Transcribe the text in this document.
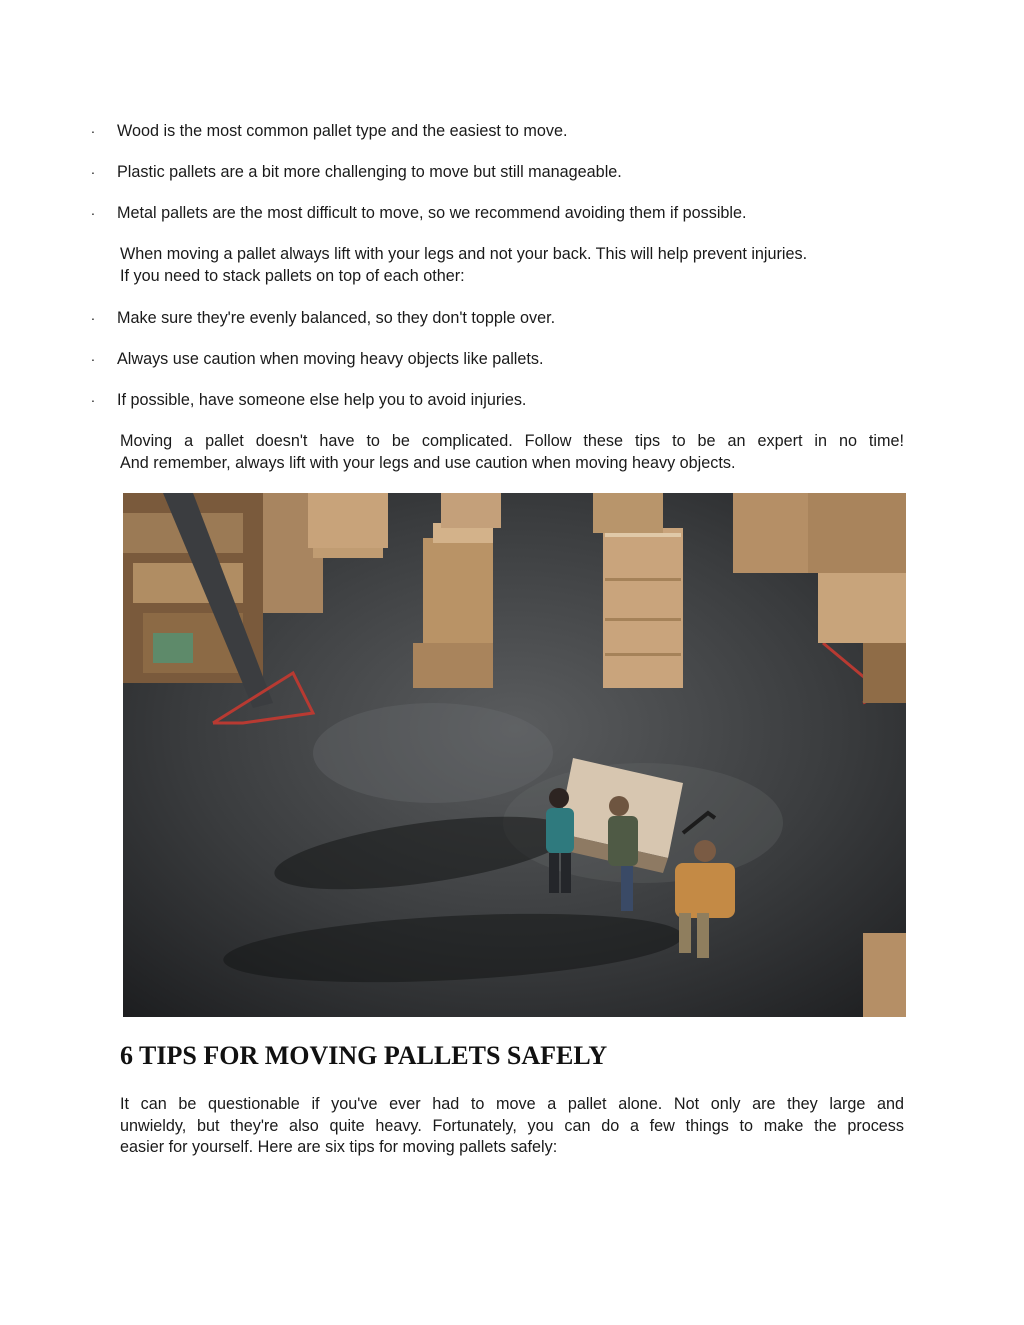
· Wood is the most common pallet type and the easiest to move.
· Plastic pallets are a bit more challenging to move but still manageable.
· Metal pallets are the most difficult to move, so we recommend avoiding them if possible.
When moving a pallet always lift with your legs and not your back. This will help prevent injuries.
If you need to stack pallets on top of each other:
· Make sure they're evenly balanced, so they don't topple over.
· Always use caution when moving heavy objects like pallets.
· If possible, have someone else help you to avoid injuries.
Moving a pallet doesn't have to be complicated. Follow these tips to be an expert in no time!
And remember, always lift with your legs and use caution when moving heavy objects.
6 TIPS FOR MOVING PALLETS SAFELY
It can be questionable if you've ever had to move a pallet alone. Not only are they large and
unwieldy, but they're also quite heavy. Fortunately, you can do a few things to make the process
easier for yourself. Here are six tips for moving pallets safely:
